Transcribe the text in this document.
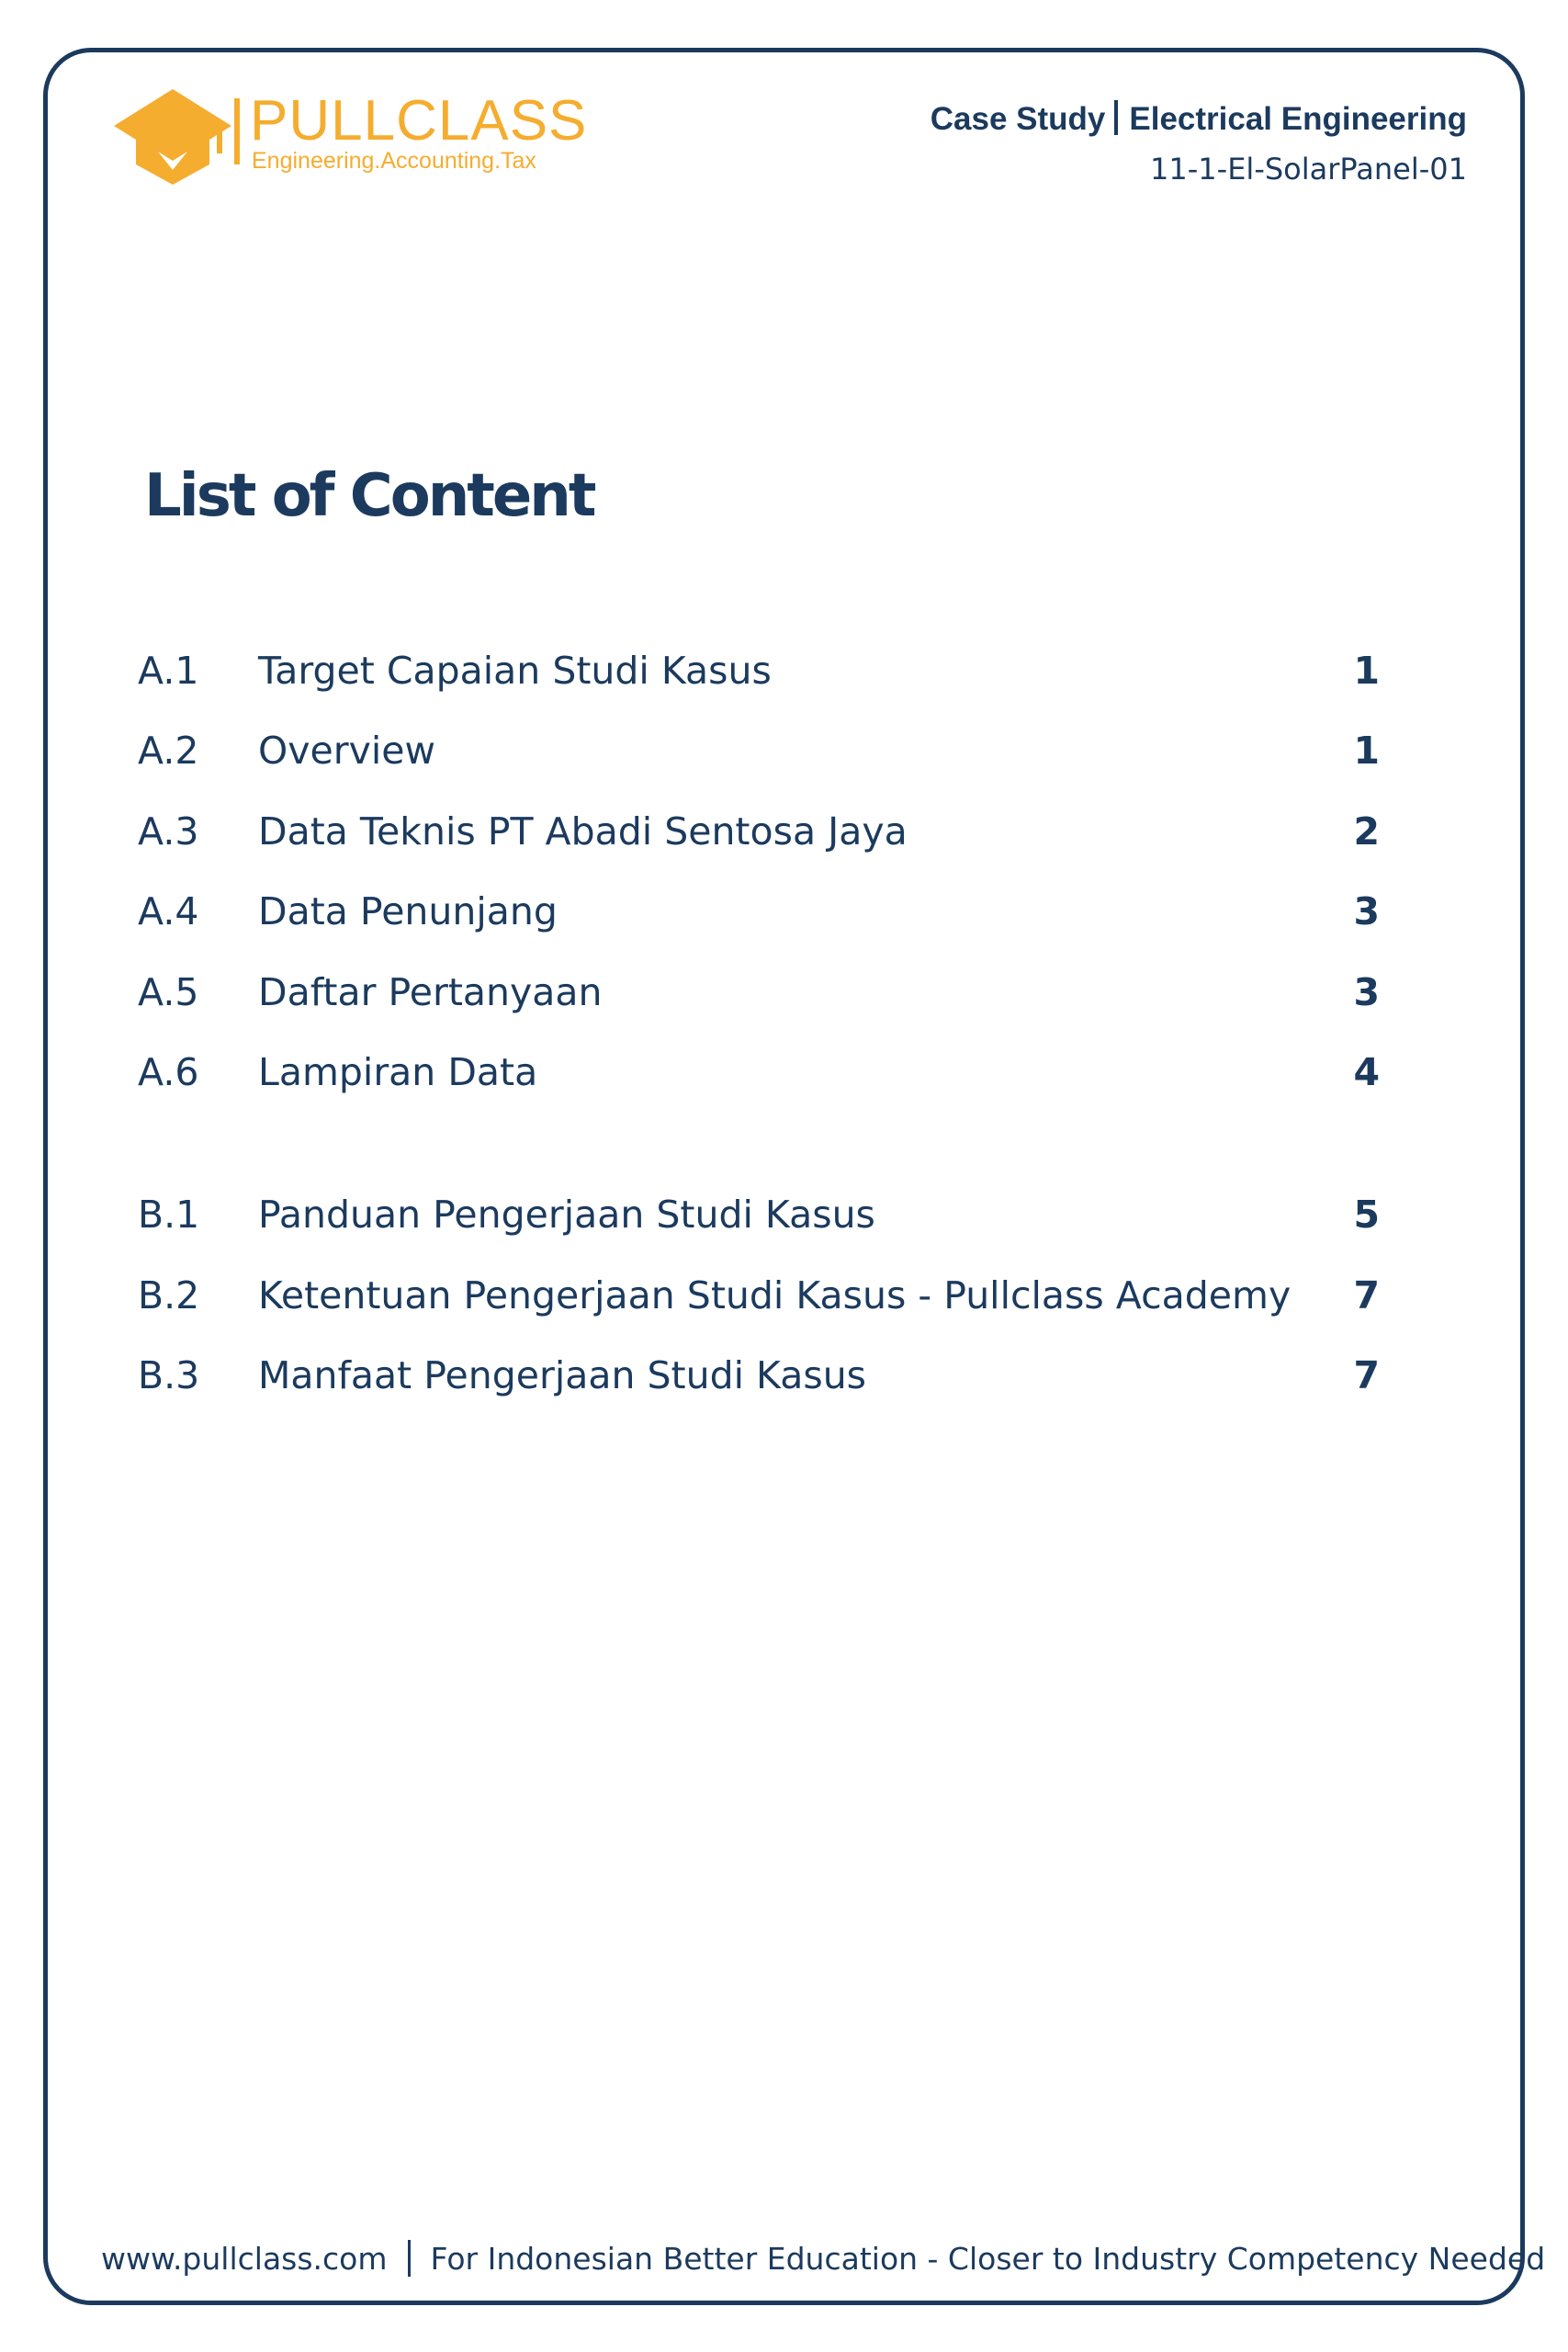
PULLCLASS
Engineering.Accounting.Tax
Case Study Electrical Engineering
11-1-El-SolarPanel-01
List of Content
A.1 Target Capaian Studi Kasus	1
A.2 Overview	1
A.3 Data Teknis PT Abadi Sentosa Jaya	2
A.4 Data Penunjang	3
A.5 Daftar Pertanyaan	3
A.6 Lampiran Data	4
B.1 Panduan Pengerjaan Studi Kasus	5
B.2 Ketentuan Pengerjaan Studi Kasus - Pullclass Academy 7
B.3 Manfaat Pengerjaan Studi Kasus	7
www.pullclass.com For Indonesian Better Education - Closer to Industry Competency Needed
